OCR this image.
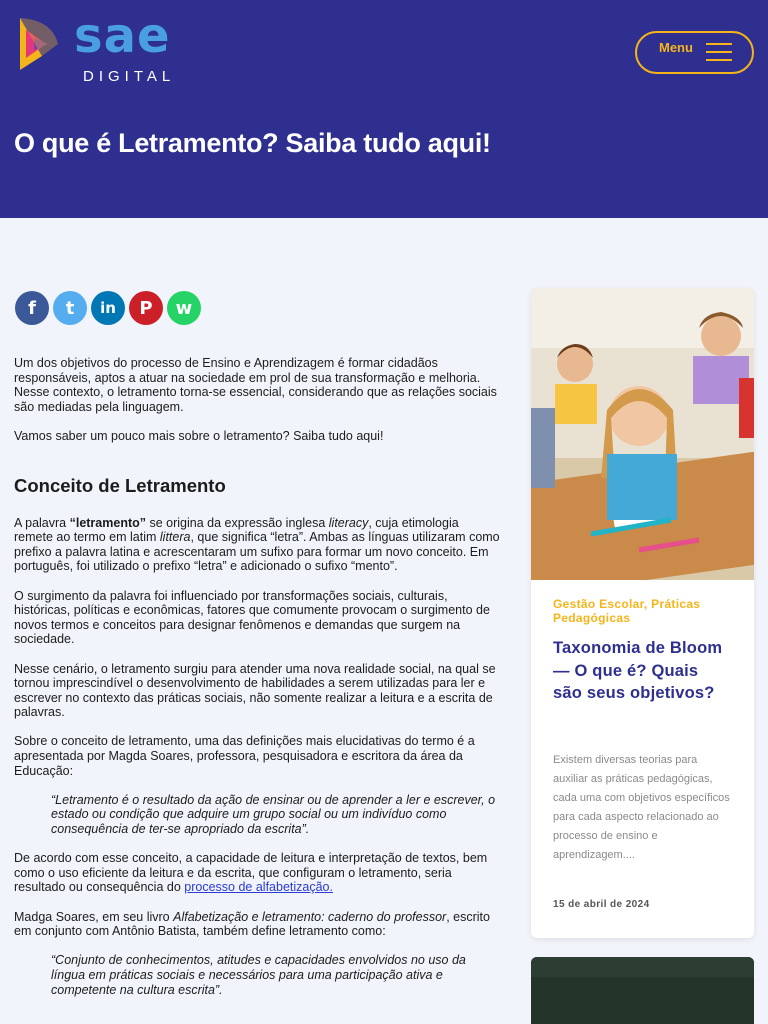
sae
DIGITAL
Menu
O que é Letramento? Saiba tudo aqui!
f t in P w

Um dos objetivos do processo de Ensino e Aprendizagem é formar cidadãos responsáveis, aptos a atuar na sociedade em prol de sua transformação e melhoria. Nesse contexto, o letramento torna-se essencial, considerando que as relações sociais são mediadas pela linguagem.

Vamos saber um pouco mais sobre o letramento? Saiba tudo aqui!

Conceito de Letramento

A palavra “letramento” se origina da expressão inglesa literacy, cuja etimologia remete ao termo em latim littera, que significa “letra”. Ambas as línguas utilizaram como prefixo a palavra latina e acrescentaram um sufixo para formar um novo conceito. Em português, foi utilizado o prefixo “letra” e adicionado o sufixo “mento”.

O surgimento da palavra foi influenciado por transformações sociais, culturais, históricas, políticas e econômicas, fatores que comumente provocam o surgimento de novos termos e conceitos para designar fenômenos e demandas que surgem na sociedade.

Nesse cenário, o letramento surgiu para atender uma nova realidade social, na qual se tornou imprescindível o desenvolvimento de habilidades a serem utilizadas para ler e escrever no contexto das práticas sociais, não somente realizar a leitura e a escrita de palavras.

Sobre o conceito de letramento, uma das definições mais elucidativas do termo é a apresentada por Magda Soares, professora, pesquisadora e escritora da área da Educação:

“Letramento é o resultado da ação de ensinar ou de aprender a ler e escrever, o estado ou condição que adquire um grupo social ou um indivíduo como consequência de ter-se apropriado da escrita”.

De acordo com esse conceito, a capacidade de leitura e interpretação de textos, bem como o uso eficiente da leitura e da escrita, que configuram o letramento, seria resultado ou consequência do processo de alfabetização.

Madga Soares, em seu livro Alfabetização e letramento: caderno do professor, escrito em conjunto com Antônio Batista, também define letramento como:

“Conjunto de conhecimentos, atitudes e capacidades envolvidos no uso da língua em práticas sociais e necessários para uma participação ativa e competente na cultura escrita”.
Gestão Escolar, Práticas Pedagógicas
Taxonomia de Bloom — O que é? Quais são seus objetivos?
Existem diversas teorias para auxiliar as práticas pedagógicas, cada uma com objetivos específicos para cada aspecto relacionado ao processo de ensino e aprendizagem....
15 de abril de 2024
